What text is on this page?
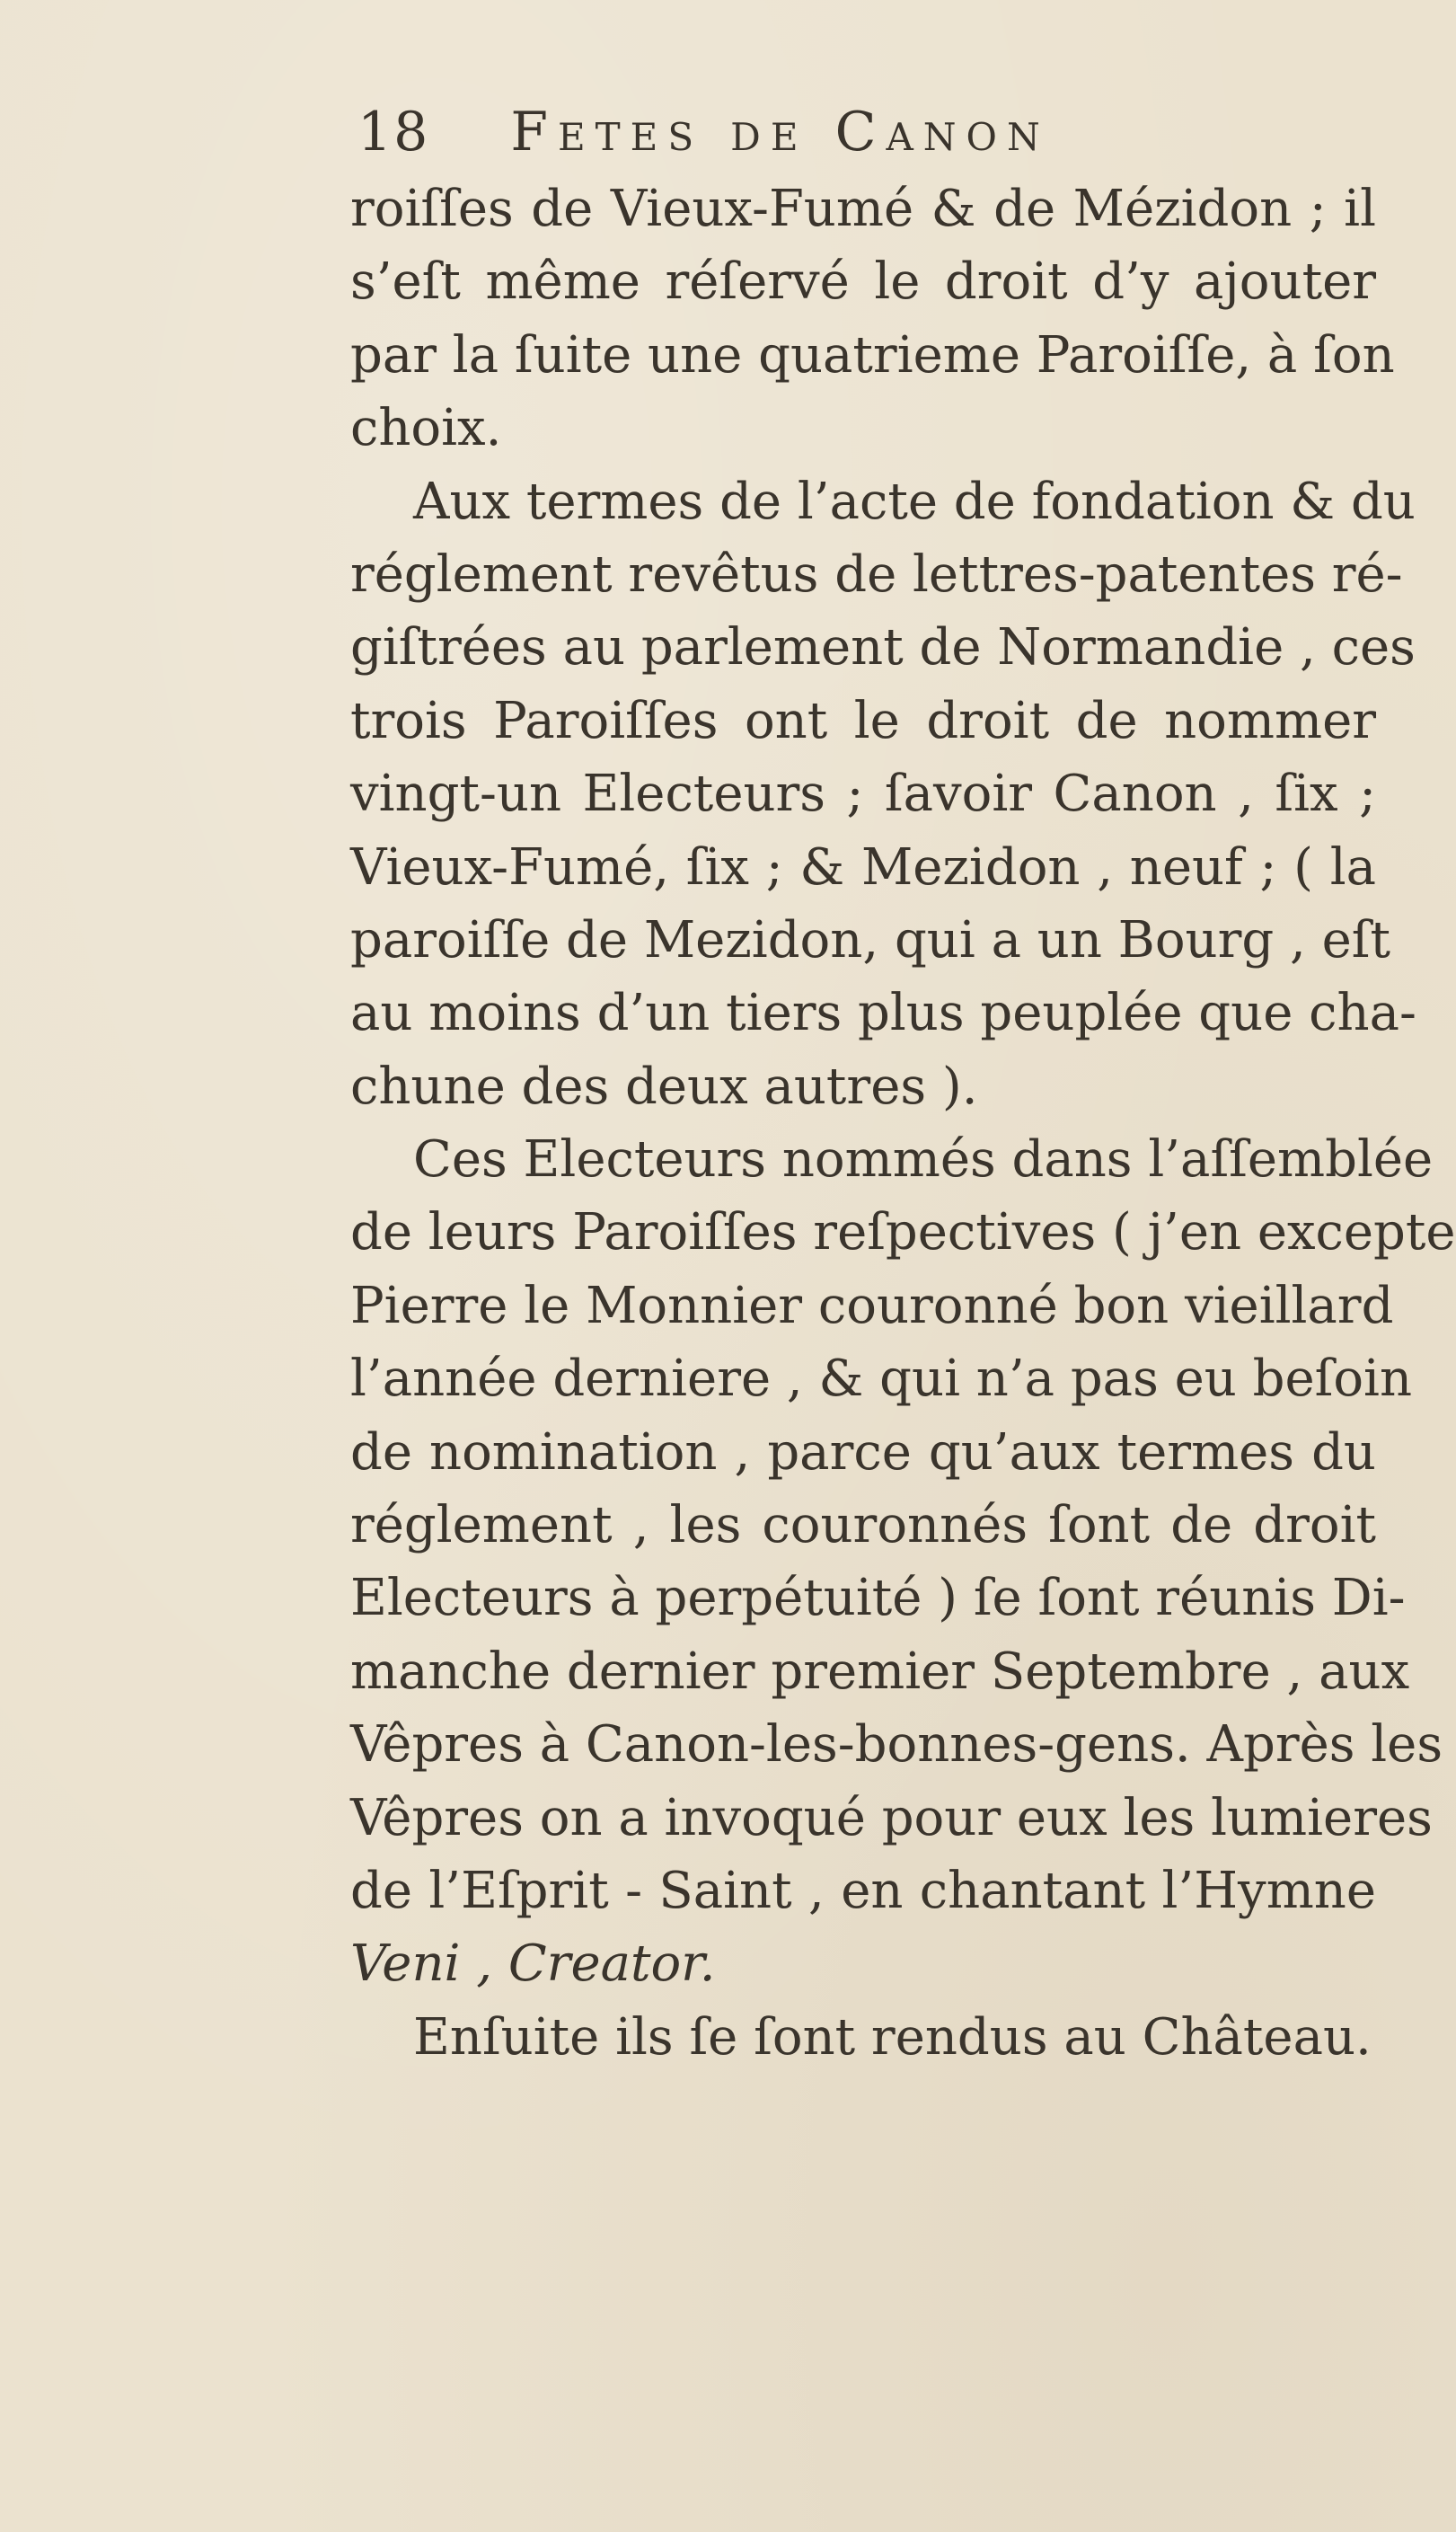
18 Fetes de Canon
roiſſes de Vieux-Fumé & de Mézidon ; il
s’eſt même réſervé le droit d’y ajouter
par la ſuite une quatrieme Paroiſſe, à ſon
choix.
Aux termes de l’acte de fondation & du
réglement revêtus de lettres-patentes ré-
giſtrées au parlement de Normandie , ces
trois Paroiſſes ont le droit de nommer
vingt-un Electeurs ; ſavoir Canon , ſix ;
Vieux-Fumé, ſix ; & Mezidon , neuf ; ( la
paroiſſe de Mezidon, qui a un Bourg , eſt
au moins d’un tiers plus peuplée que cha-
chune des deux autres ).
Ces Electeurs nommés dans l’aſſemblée
de leurs Paroiſſes reſpectives ( j’en excepte
Pierre le Monnier couronné bon vieillard
l’année derniere , & qui n’a pas eu beſoin
de nomination , parce qu’aux termes du
réglement , les couronnés ſont de droit
Electeurs à perpétuité ) ſe ſont réunis Di-
manche dernier premier Septembre , aux
Vêpres à Canon-les-bonnes-gens. Après les
Vêpres on a invoqué pour eux les lumieres
de l’Eſprit - Saint , en chantant l’Hymne
Veni , Creator.
Enſuite ils ſe ſont rendus au Château.
